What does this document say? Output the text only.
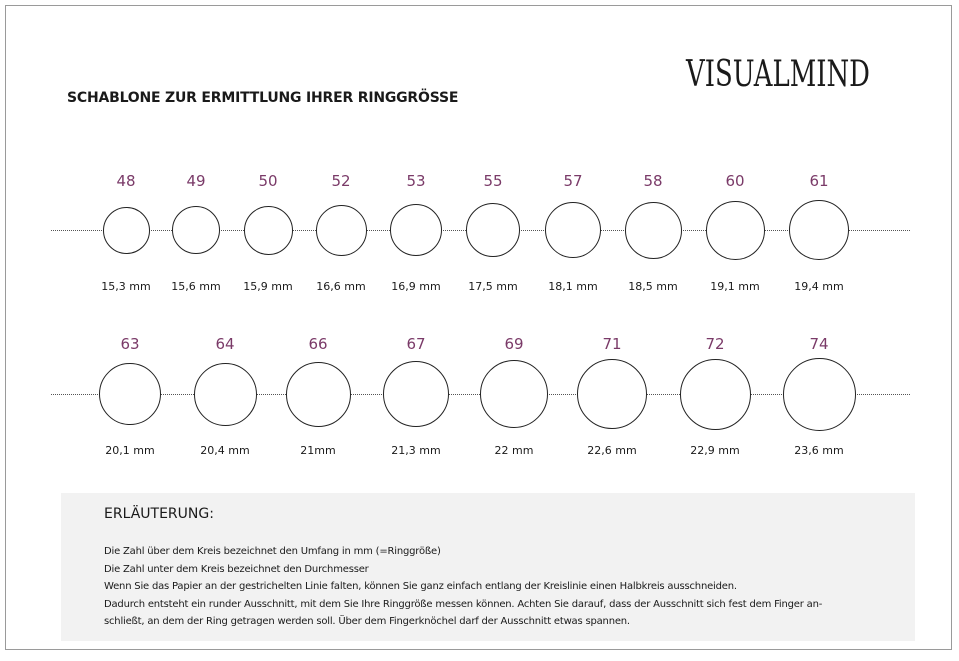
VISUALMIND
SCHABLONE ZUR ERMITTLUNG IHRER RINGGRÖSSE
48
15,3 mm
49
15,6 mm
50
15,9 mm
52
16,6 mm
53
16,9 mm
55
17,5 mm
57
18,1 mm
58
18,5 mm
60
19,1 mm
61
19,4 mm
63
20,1 mm
64
20,4 mm
66
21mm
67
21,3 mm
69
22 mm
71
22,6 mm
72
22,9 mm
74
23,6 mm
ERLÄUTERUNG:
Die Zahl über dem Kreis bezeichnet den Umfang in mm (=Ringgröße)
Die Zahl unter dem Kreis bezeichnet den Durchmesser
Wenn Sie das Papier an der gestrichelten Linie falten, können Sie ganz einfach entlang der Kreislinie einen Halbkreis ausschneiden.
Dadurch entsteht ein runder Ausschnitt, mit dem Sie Ihre Ringgröße messen können. Achten Sie darauf, dass der Ausschnitt sich fest dem Finger an-
schließt, an dem der Ring getragen werden soll. Über dem Fingerknöchel darf der Ausschnitt etwas spannen.
